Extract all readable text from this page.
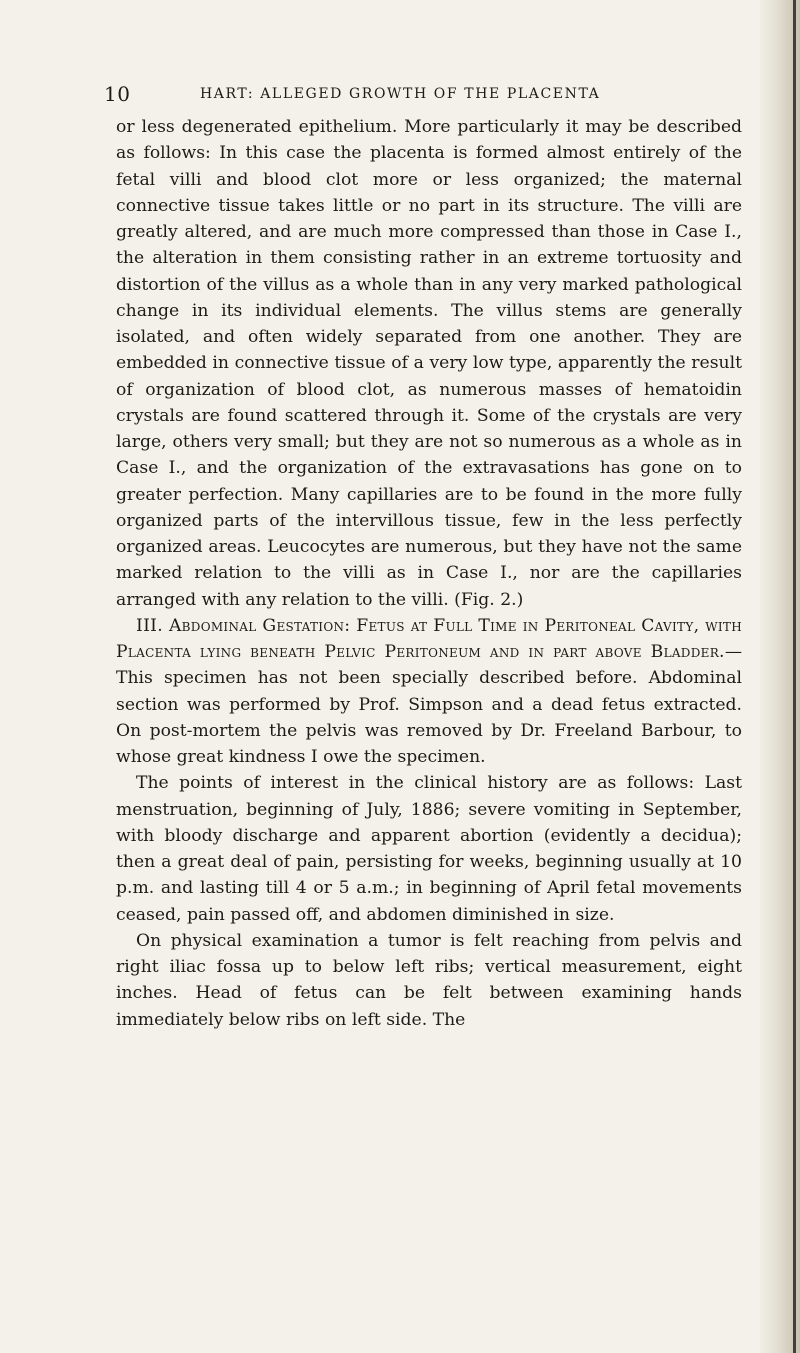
10	HART: ALLEGED GROWTH OF THE PLACENTA

or less degenerated epithelium. More particularly it may be described as follows: In this case the placenta is formed almost entirely of the fetal villi and blood clot more or less organized; the maternal connective tissue takes little or no part in its structure. The villi are greatly altered, and are much more compressed than those in Case I., the alteration in them consisting rather in an extreme tortuosity and distortion of the villus as a whole than in any very marked pathological change in its individual elements. The villus stems are generally isolated, and often widely separated from one another. They are embedded in connective tissue of a very low type, apparently the result of organization of blood clot, as numerous masses of hematoidin crystals are found scattered through it. Some of the crystals are very large, others very small; but they are not so numerous as a whole as in Case I., and the organization of the extravasations has gone on to greater perfection. Many capillaries are to be found in the more fully organized parts of the intervillous tissue, few in the less perfectly organized areas. Leucocytes are numerous, but they have not the same marked relation to the villi as in Case I., nor are the capillaries arranged with any relation to the villi. (Fig. 2.)

III. Abdominal Gestation: Fetus at Full Time in Peritoneal Cavity, with Placenta lying beneath Pelvic Peritoneum and in part above Bladder.—This specimen has not been specially described before. Abdominal section was performed by Prof. Simpson and a dead fetus extracted. On post-mortem the pelvis was removed by Dr. Freeland Barbour, to whose great kindness I owe the specimen.

The points of interest in the clinical history are as follows: Last menstruation, beginning of July, 1886; severe vomiting in September, with bloody discharge and apparent abortion (evidently a decidua); then a great deal of pain, persisting for weeks, beginning usually at 10 p.m. and lasting till 4 or 5 a.m.; in beginning of April fetal movements ceased, pain passed off, and abdomen diminished in size.

On physical examination a tumor is felt reaching from pelvis and right iliac fossa up to below left ribs; vertical measurement, eight inches. Head of fetus can be felt between examining hands immediately below ribs on left side. The
